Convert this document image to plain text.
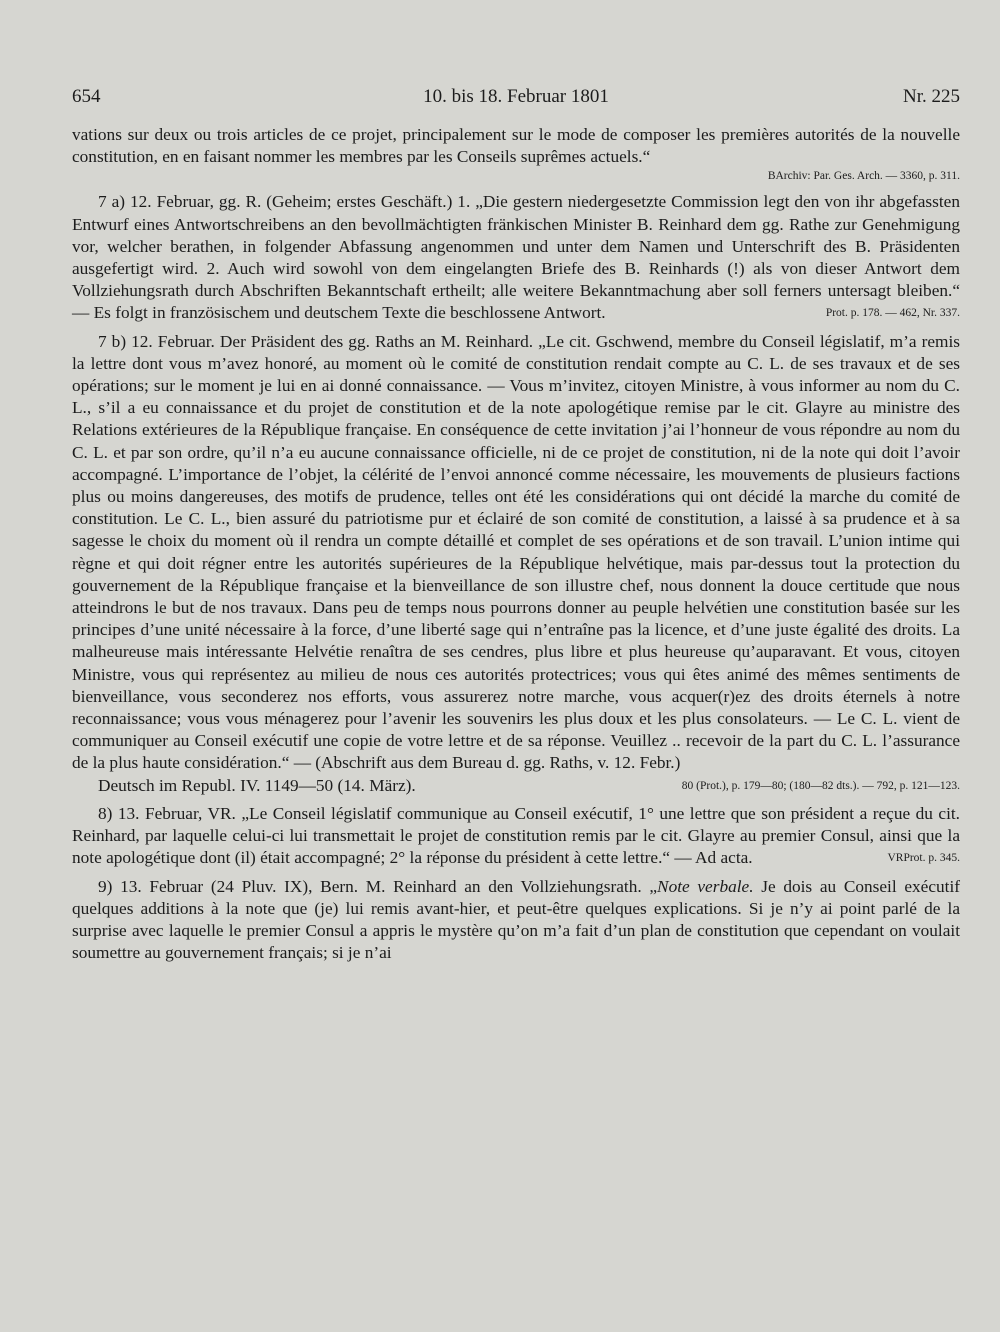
654	10. bis 18. Februar 1801	Nr. 225

vations sur deux ou trois articles de ce projet, principalement sur le mode de composer les premières autorités de la nouvelle constitution, en en faisant nommer les membres par les Conseils suprêmes actuels.“

BArchiv: Par. Ges. Arch. — 3360, p. 311.

7 a) 12. Februar, gg. R. (Geheim; erstes Geschäft.) 1. „Die gestern niedergesetzte Commission legt den von ihr abgefassten Entwurf eines Antwortschreibens an den bevollmächtigten fränkischen Minister B. Reinhard dem gg. Rathe zur Genehmigung vor, welcher berathen, in folgender Abfassung angenommen und unter dem Namen und Unterschrift des B. Präsidenten ausgefertigt wird. 2. Auch wird sowohl von dem eingelangten Briefe des B. Reinhards (!) als von dieser Antwort dem Vollziehungsrath durch Abschriften Bekanntschaft ertheilt; alle weitere Bekanntmachung aber soll ferners untersagt bleiben.“ — Es folgt in französischem und deutschem Texte die beschlossene Antwort.	Prot. p. 178. — 462, Nr. 337.

7 b) 12. Februar. Der Präsident des gg. Raths an M. Reinhard. „Le cit. Gschwend, membre du Conseil législatif, m’a remis la lettre dont vous m’avez honoré, au moment où le comité de constitution rendait compte au C. L. de ses travaux et de ses opérations; sur le moment je lui en ai donné connaissance. — Vous m’invitez, citoyen Ministre, à vous informer au nom du C. L., s’il a eu connaissance et du projet de constitution et de la note apologétique remise par le cit. Glayre au ministre des Relations extérieures de la République française. En conséquence de cette invitation j’ai l’honneur de vous répondre au nom du C. L. et par son ordre, qu’il n’a eu aucune connaissance officielle, ni de ce projet de constitution, ni de la note qui doit l’avoir accompagné. L’importance de l’objet, la célérité de l’envoi annoncé comme nécessaire, les mouvements de plusieurs factions plus ou moins dangereuses, des motifs de prudence, telles ont été les considérations qui ont décidé la marche du comité de constitution. Le C. L., bien assuré du patriotisme pur et éclairé de son comité de constitution, a laissé à sa prudence et à sa sagesse le choix du moment où il rendra un compte détaillé et complet de ses opérations et de son travail. L’union intime qui règne et qui doit régner entre les autorités supérieures de la République helvétique, mais par-dessus tout la protection du gouvernement de la République française et la bienveillance de son illustre chef, nous donnent la douce certitude que nous atteindrons le but de nos travaux. Dans peu de temps nous pourrons donner au peuple helvétien une constitution basée sur les principes d’une unité nécessaire à la force, d’une liberté sage qui n’entraîne pas la licence, et d’une juste égalité des droits. La malheureuse mais intéressante Helvétie renaîtra de ses cendres, plus libre et plus heureuse qu’auparavant. Et vous, citoyen Ministre, vous qui représentez au milieu de nous ces autorités protectrices; vous qui êtes animé des mêmes sentiments de bienveillance, vous seconderez nos efforts, vous assurerez notre marche, vous acquer(r)ez des droits éternels à notre reconnaissance; vous vous ménagerez pour l’avenir les souvenirs les plus doux et les plus consolateurs. — Le C. L. vient de communiquer au Conseil exécutif une copie de votre lettre et de sa réponse. Veuillez .. recevoir de la part du C. L. l’assurance de la plus haute considération.“ — (Abschrift aus dem Bureau d. gg. Raths, v. 12. Febr.)
80 (Prot.), p. 179—80; (180—82 dts.). — 792, p. 121—123.

Deutsch im Republ. IV. 1149—50 (14. März).

8) 13. Februar, VR. „Le Conseil législatif communique au Conseil exécutif, 1° une lettre que son président a reçue du cit. Reinhard, par laquelle celui-ci lui transmettait le projet de constitution remis par le cit. Glayre au premier Consul, ainsi que la note apologétique dont (il) était accompagné; 2° la réponse du président à cette lettre.“ — Ad acta.	VRProt. p. 345.

9) 13. Februar (24 Pluv. IX), Bern. M. Reinhard an den Vollziehungsrath. „Note verbale. Je dois au Conseil exécutif quelques additions à la note que (je) lui remis avant-hier, et peut-être quelques explications. Si je n’y ai point parlé de la surprise avec laquelle le premier Consul a appris le mystère qu’on m’a fait d’un plan de constitution que cependant on voulait soumettre au gouvernement français; si je n’ai
